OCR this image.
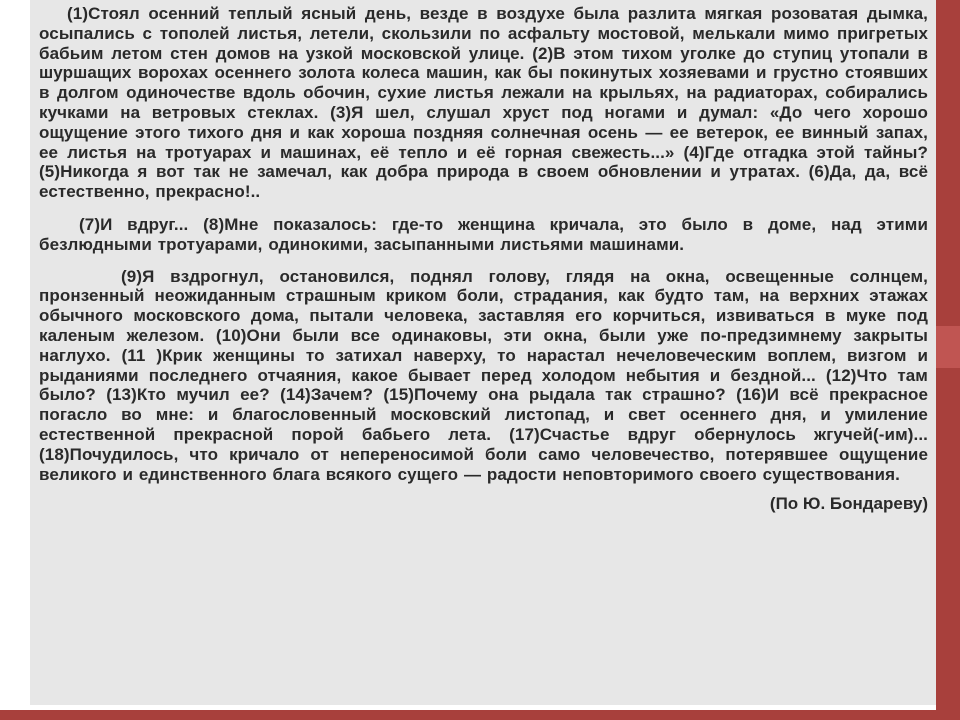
(1)Стоял осенний теплый ясный день, везде в воздухе была разлита мягкая розоватая дымка, осыпались с тополей листья, летели, скользили по асфальту мостовой, мелькали мимо пригретых бабьим летом стен домов на узкой московской улице. (2)В этом тихом уголке до ступиц утопали в шуршащих ворохах осеннего золота колеса машин, как бы покинутых хозяевами и грустно стоявших в долгом одиночестве вдоль обочин, сухие листья лежали на крыльях, на радиаторах, собирались кучками на ветровых стеклах. (3)Я шел, слушал хруст под ногами и думал: «До чего хорошо ощущение этого тихого дня и как хороша поздняя солнечная осень — ее ветерок, ее винный запах, ее листья на тротуарах и машинах, её тепло и её горная свежесть...» (4)Где отгадка этой тайны? (5)Никогда я вот так не замечал, как добра природа в своем обновлении и утратах. (6)Да, да, всё естественно, прекрасно!..

(7)И вдруг... (8)Мне показалось: где-то женщина кричала, это было в доме, над этими безлюдными тротуарами, одинокими, засыпанными листьями машинами.

(9)Я вздрогнул, остановился, поднял голову, глядя на окна, освещенные солнцем, пронзенный неожиданным страшным криком боли, страдания, как будто там, на верхних этажах обычного московского дома, пытали человека, заставляя его корчиться, извиваться в муке под каленым железом. (10)Они были все одинаковы, эти окна, были уже по-предзимнему закрыты наглухо. (11 )Крик женщины то затихал наверху, то нарастал нечеловеческим воплем, визгом и рыданиями последнего отчаяния, какое бывает перед холодом небытия и бездной... (12)Что там было? (13)Кто мучил ее? (14)Зачем? (15)Почему она рыдала так страшно? (16)И всё прекрасное погасло во мне: и благословенный московский листопад, и свет осеннего дня, и умиление естественной прекрасной порой бабьего лета. (17)Счастье вдруг обернулось жгучей(-им)... (18)Почудилось, что кричало от непереносимой боли само человечество, потерявшее ощущение великого и единственного блага всякого сущего — радости неповторимого своего существования.

(По Ю. Бондареву)
